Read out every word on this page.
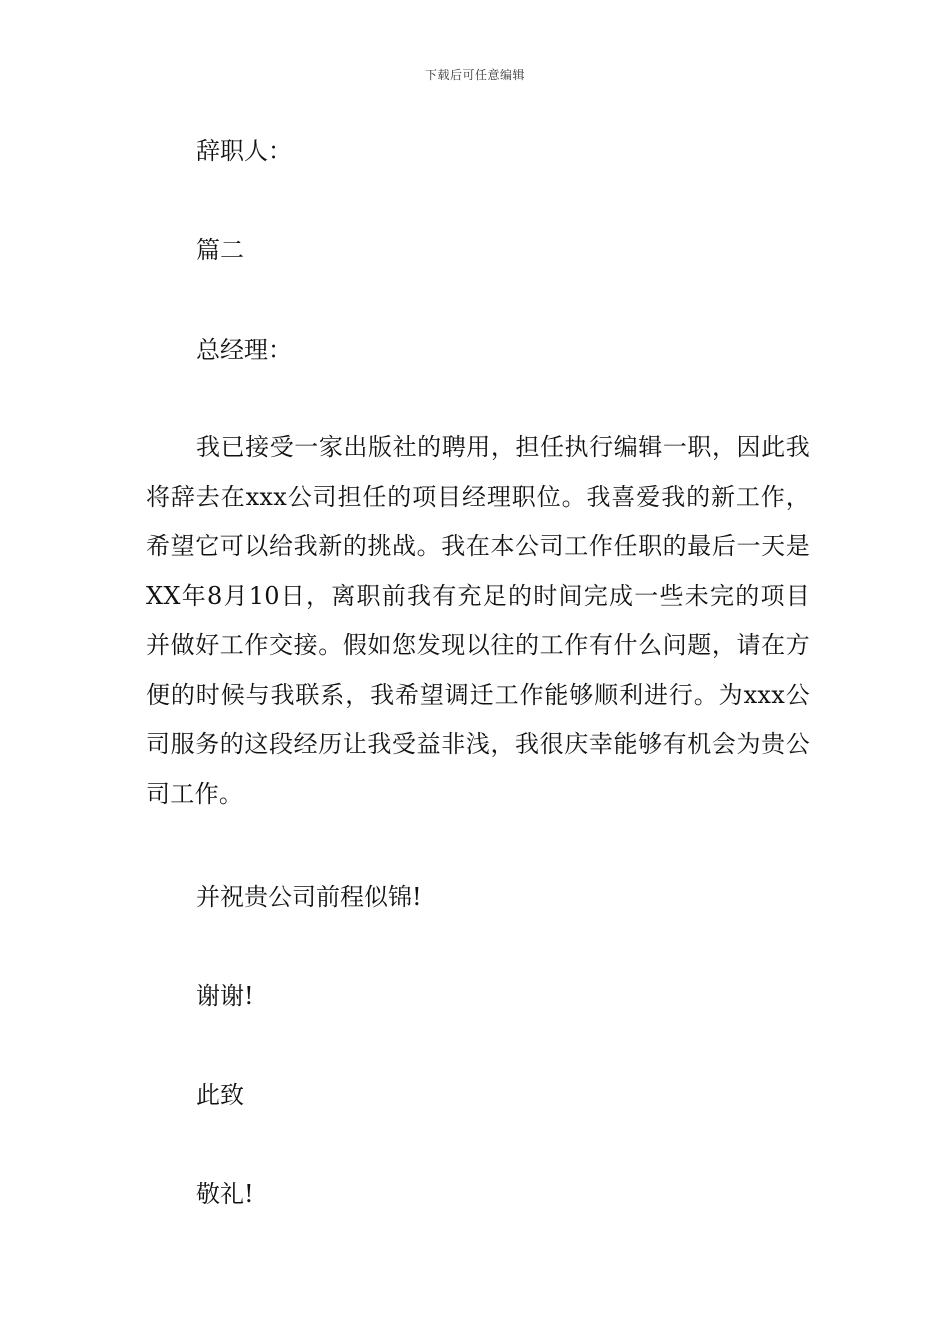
下载后可任意编辑
辞职人：
篇二
总经理：
我已接受一家出版社的聘用，担任执行编辑一职，因此我将辞去在xxx公司担任的项目经理职位。我喜爱我的新工作，希望它可以给我新的挑战。我在本公司工作任职的最后一天是XX年8月10日，离职前我有充足的时间完成一些未完的项目并做好工作交接。假如您发现以往的工作有什么问题，请在方便的时候与我联系，我希望调迁工作能够顺利进行。为xxx公司服务的这段经历让我受益非浅，我很庆幸能够有机会为贵公司工作。
并祝贵公司前程似锦!
谢谢!
此致
敬礼!
